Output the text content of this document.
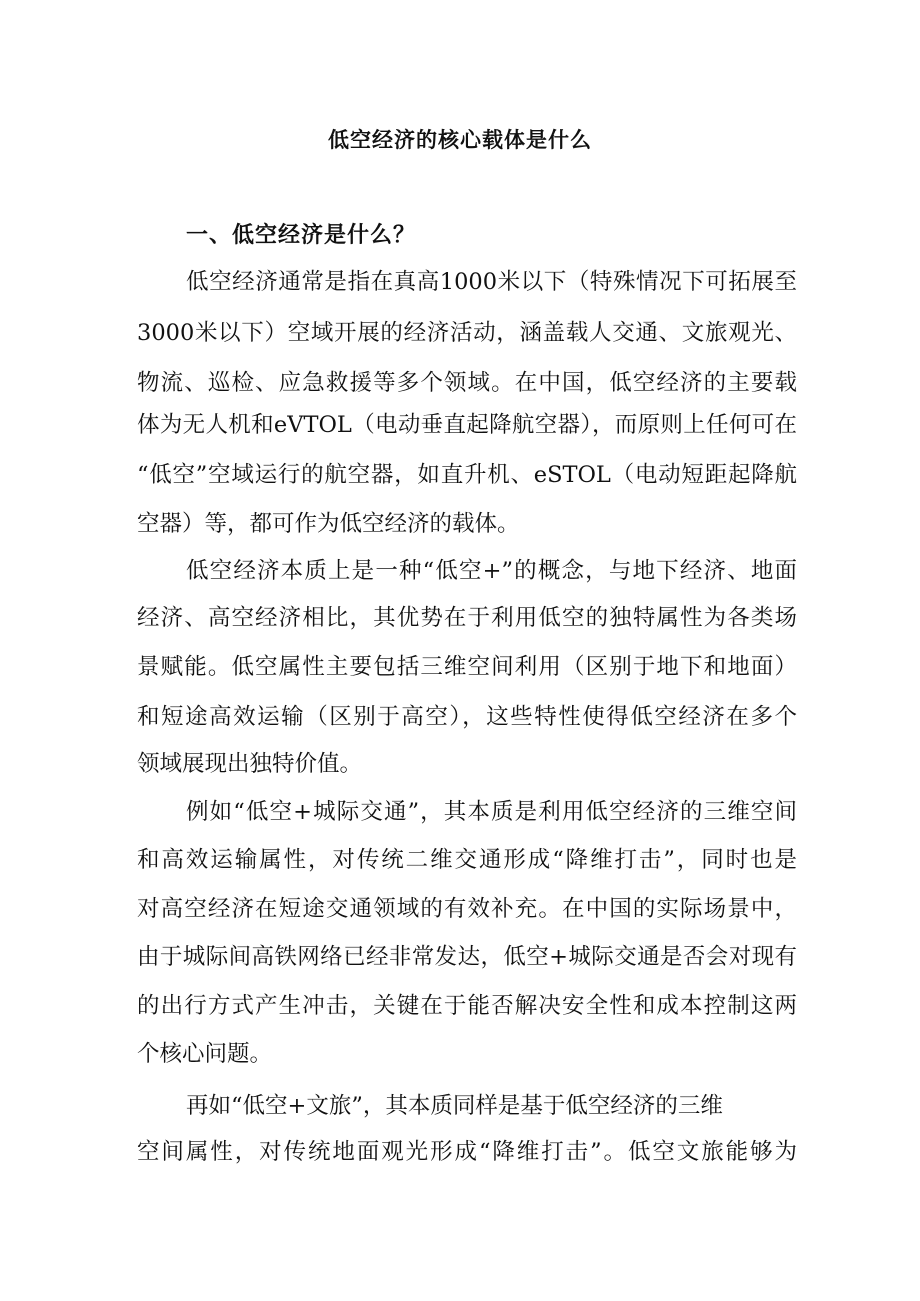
低空经济的核心载体是什么
一、低空经济是什么？
低空经济通常是指在真高1000米以下（特殊情况下可拓展至
3000米以下）空域开展的经济活动，涵盖载人交通、文旅观光、
物流、巡检、应急救援等多个领域。在中国，低空经济的主要载
体为无人机和eVTOL（电动垂直起降航空器），而原则上任何可在
“低空”空域运行的航空器，如直升机、eSTOL（电动短距起降航
空器）等，都可作为低空经济的载体。
低空经济本质上是一种“低空+”的概念，与地下经济、地面
经济、高空经济相比，其优势在于利用低空的独特属性为各类场
景赋能。低空属性主要包括三维空间利用（区别于地下和地面）
和短途高效运输（区别于高空），这些特性使得低空经济在多个
领域展现出独特价值。
例如“低空+城际交通”，其本质是利用低空经济的三维空间
和高效运输属性，对传统二维交通形成“降维打击”，同时也是
对高空经济在短途交通领域的有效补充。在中国的实际场景中，
由于城际间高铁网络已经非常发达，低空+城际交通是否会对现有
的出行方式产生冲击，关键在于能否解决安全性和成本控制这两
个核心问题。
再如“低空+文旅”，其本质同样是基于低空经济的三维
空间属性，对传统地面观光形成“降维打击”。低空文旅能够为
